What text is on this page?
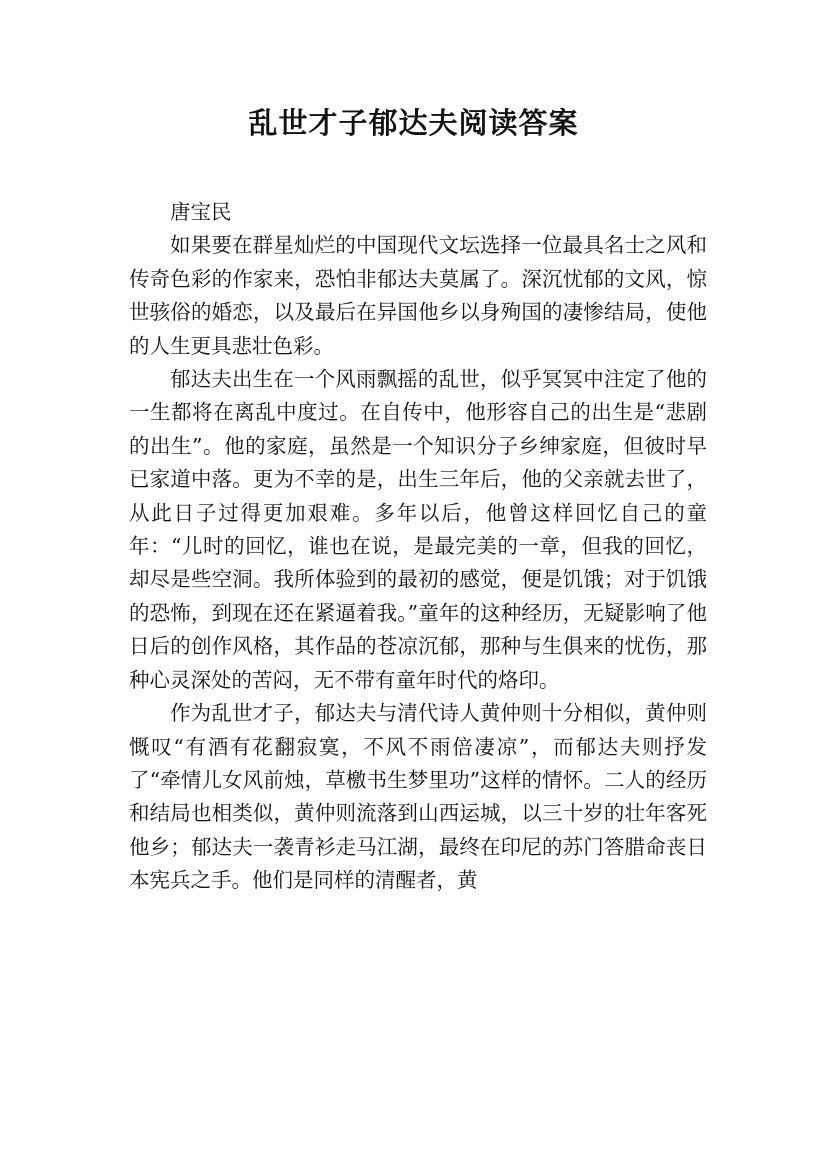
乱世才子郁达夫阅读答案

唐宝民

如果要在群星灿烂的中国现代文坛选择一位最具名士之风和传奇色彩的作家来，恐怕非郁达夫莫属了。深沉忧郁的文风，惊世骇俗的婚恋，以及最后在异国他乡以身殉国的凄惨结局，使他的人生更具悲壮色彩。

郁达夫出生在一个风雨飘摇的乱世，似乎冥冥中注定了他的一生都将在离乱中度过。在自传中，他形容自己的出生是“悲剧的出生”。他的家庭，虽然是一个知识分子乡绅家庭，但彼时早已家道中落。更为不幸的是，出生三年后，他的父亲就去世了，从此日子过得更加艰难。多年以后，他曾这样回忆自己的童年：“儿时的回忆，谁也在说，是最完美的一章，但我的回忆，却尽是些空洞。我所体验到的最初的感觉，便是饥饿；对于饥饿的恐怖，到现在还在紧逼着我。”童年的这种经历，无疑影响了他日后的创作风格，其作品的苍凉沉郁，那种与生俱来的忧伤，那种心灵深处的苦闷，无不带有童年时代的烙印。

作为乱世才子，郁达夫与清代诗人黄仲则十分相似，黄仲则慨叹“有酒有花翻寂寞，不风不雨倍凄凉”，而郁达夫则抒发了“牵情儿女风前烛，草檄书生梦里功”这样的情怀。二人的经历和结局也相类似，黄仲则流落到山西运城，以三十岁的壮年客死他乡；郁达夫一袭青衫走马江湖，最终在印尼的苏门答腊命丧日本宪兵之手。他们是同样的清醒者，黄
